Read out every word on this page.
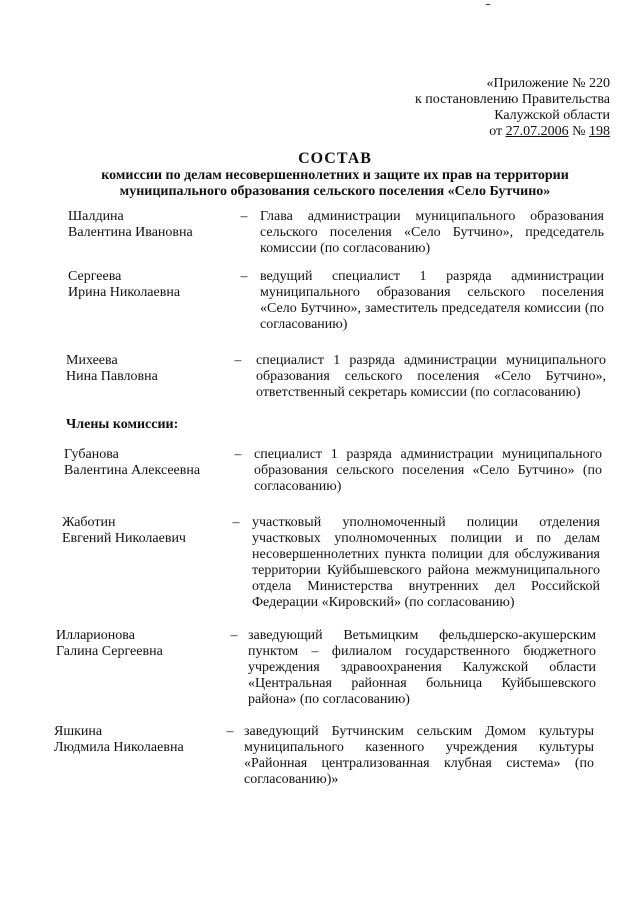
«Приложение № 220
к постановлению Правительства
Калужской области
от 27.07.2006 № 198
СОСТАВ
комиссии по делам несовершеннолетних и защите их прав на территории
муниципального образования сельского поселения «Село Бутчино»
Шалдина
Валентина Ивановна
– Глава администрации муниципального образования сельского поселения «Село Бутчино», председатель комиссии (по согласованию)
Сергеева
Ирина Николаевна
– ведущий специалист 1 разряда администрации муниципального образования сельского поселения «Село Бутчино», заместитель председателя комиссии (по согласованию)
Михеева
Нина Павловна
– специалист 1 разряда администрации муниципального образования сельского поселения «Село Бутчино», ответственный секретарь комиссии (по согласованию)
Члены комиссии:
Губанова
Валентина Алексеевна
– специалист 1 разряда администрации муниципального образования сельского поселения «Село Бутчино» (по согласованию)
Жаботин
Евгений Николаевич
– участковый уполномоченный полиции отделения участковых уполномоченных полиции и по делам несовершеннолетних пункта полиции для обслуживания территории Куйбышевского района межмуниципального отдела Министерства внутренних дел Российской Федерации «Кировский» (по согласованию)
Илларионова
Галина Сергеевна
– заведующий Ветьмицким фельдшерско-акушерским пунктом – филиалом государственного бюджетного учреждения здравоохранения Калужской области «Центральная районная больница Куйбышевского района» (по согласованию)
Яшкина
Людмила Николаевна
– заведующий Бутчинским сельским Домом культуры муниципального казенного учреждения культуры «Районная централизованная клубная система» (по согласованию)»
